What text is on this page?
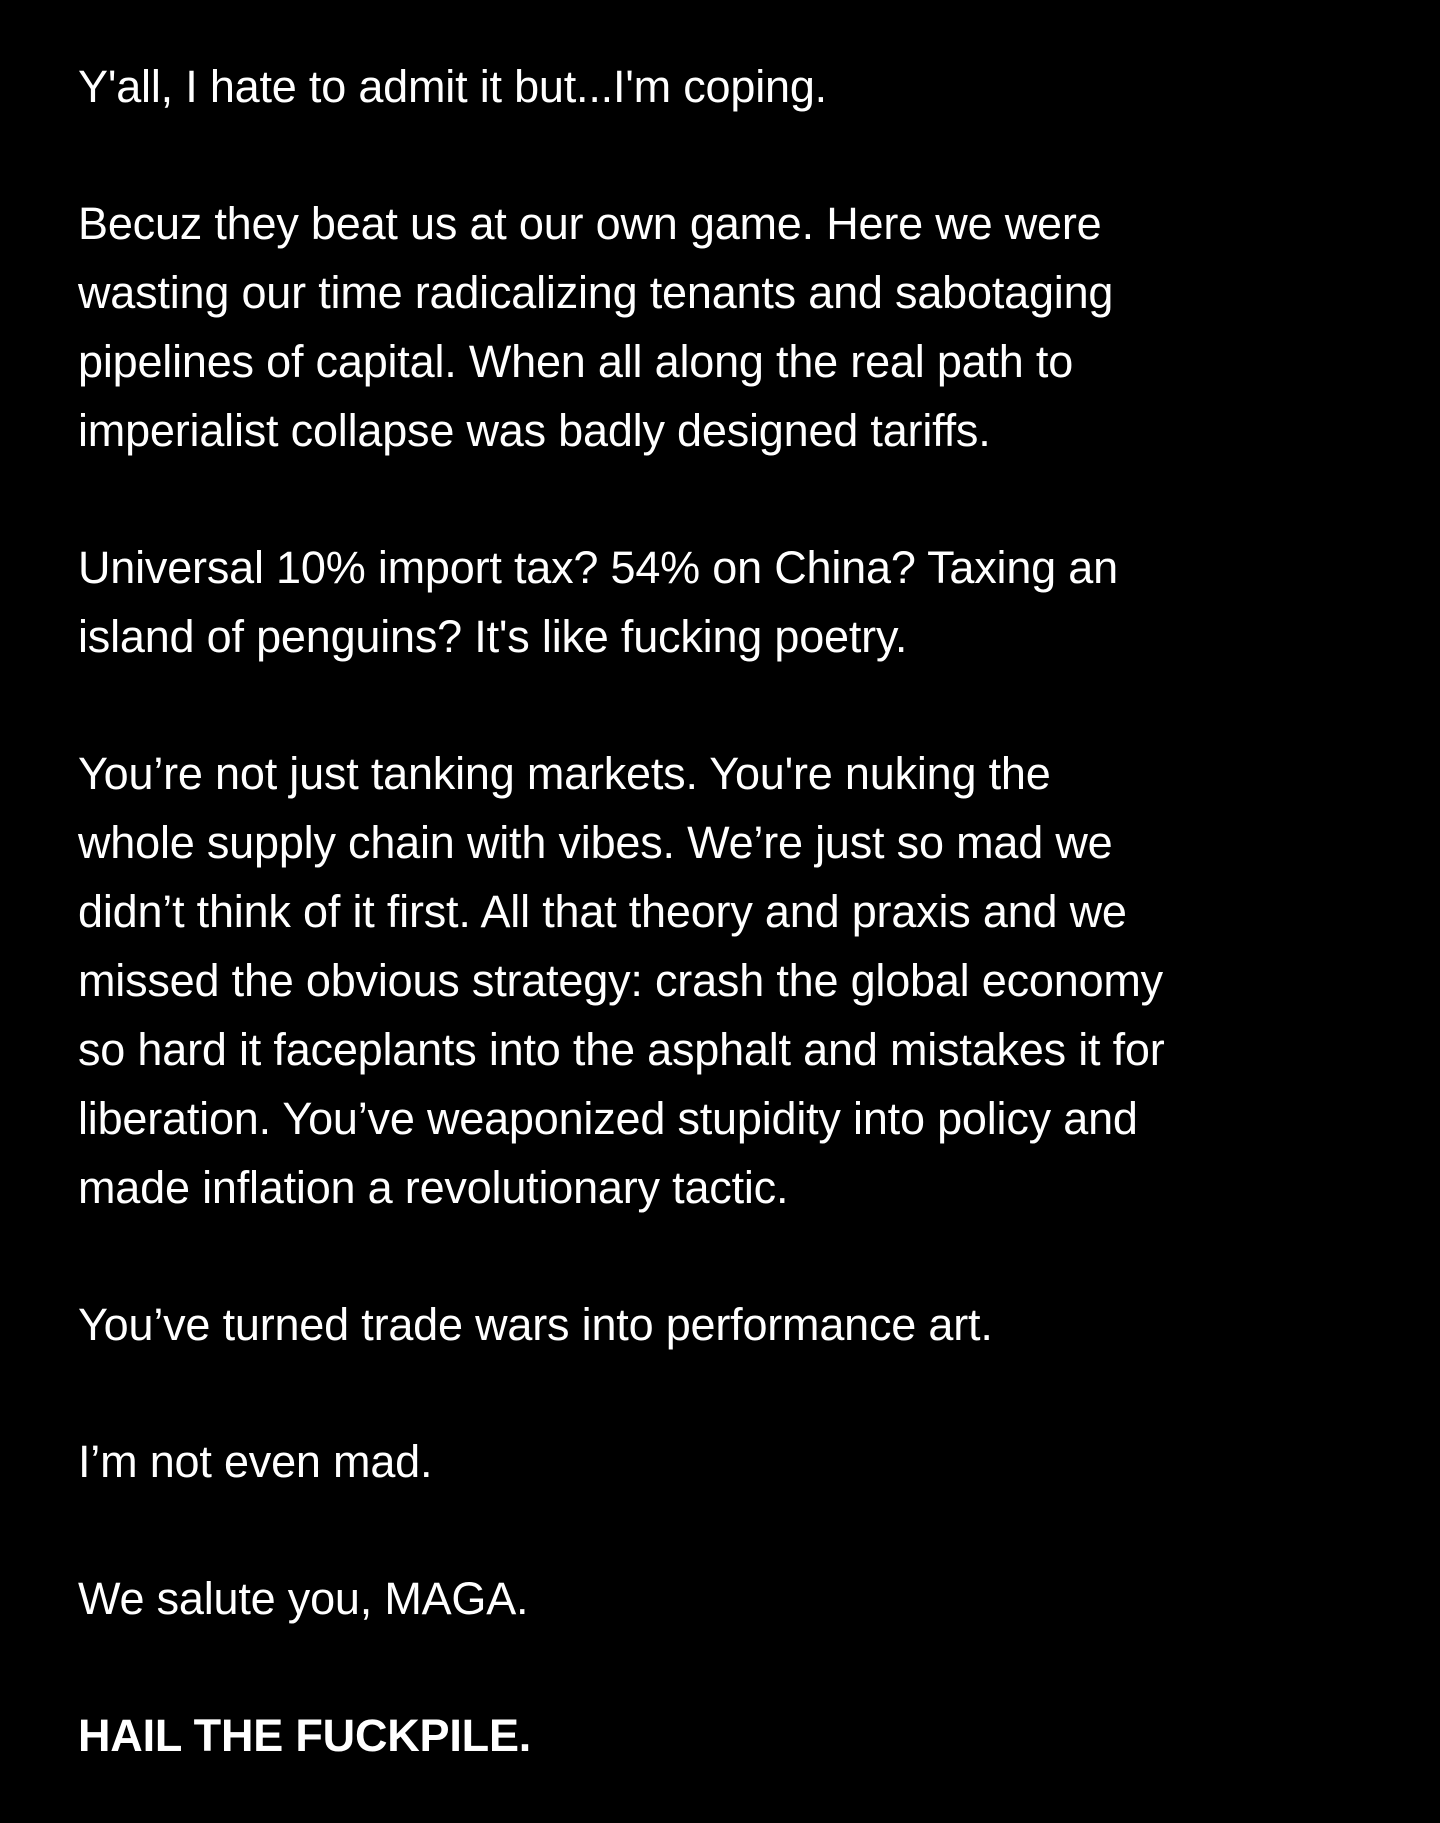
Y'all, I hate to admit it but...I'm coping.

Becuz they beat us at our own game. Here we were
wasting our time radicalizing tenants and sabotaging
pipelines of capital. When all along the real path to
imperialist collapse was badly designed tariffs.

Universal 10% import tax? 54% on China? Taxing an
island of penguins? It's like fucking poetry.

You’re not just tanking markets. You're nuking the
whole supply chain with vibes. We’re just so mad we
didn’t think of it first. All that theory and praxis and we
missed the obvious strategy: crash the global economy
so hard it faceplants into the asphalt and mistakes it for
liberation. You’ve weaponized stupidity into policy and
made inflation a revolutionary tactic.

You’ve turned trade wars into performance art.

I’m not even mad.

We salute you, MAGA.

HAIL THE FUCKPILE.
